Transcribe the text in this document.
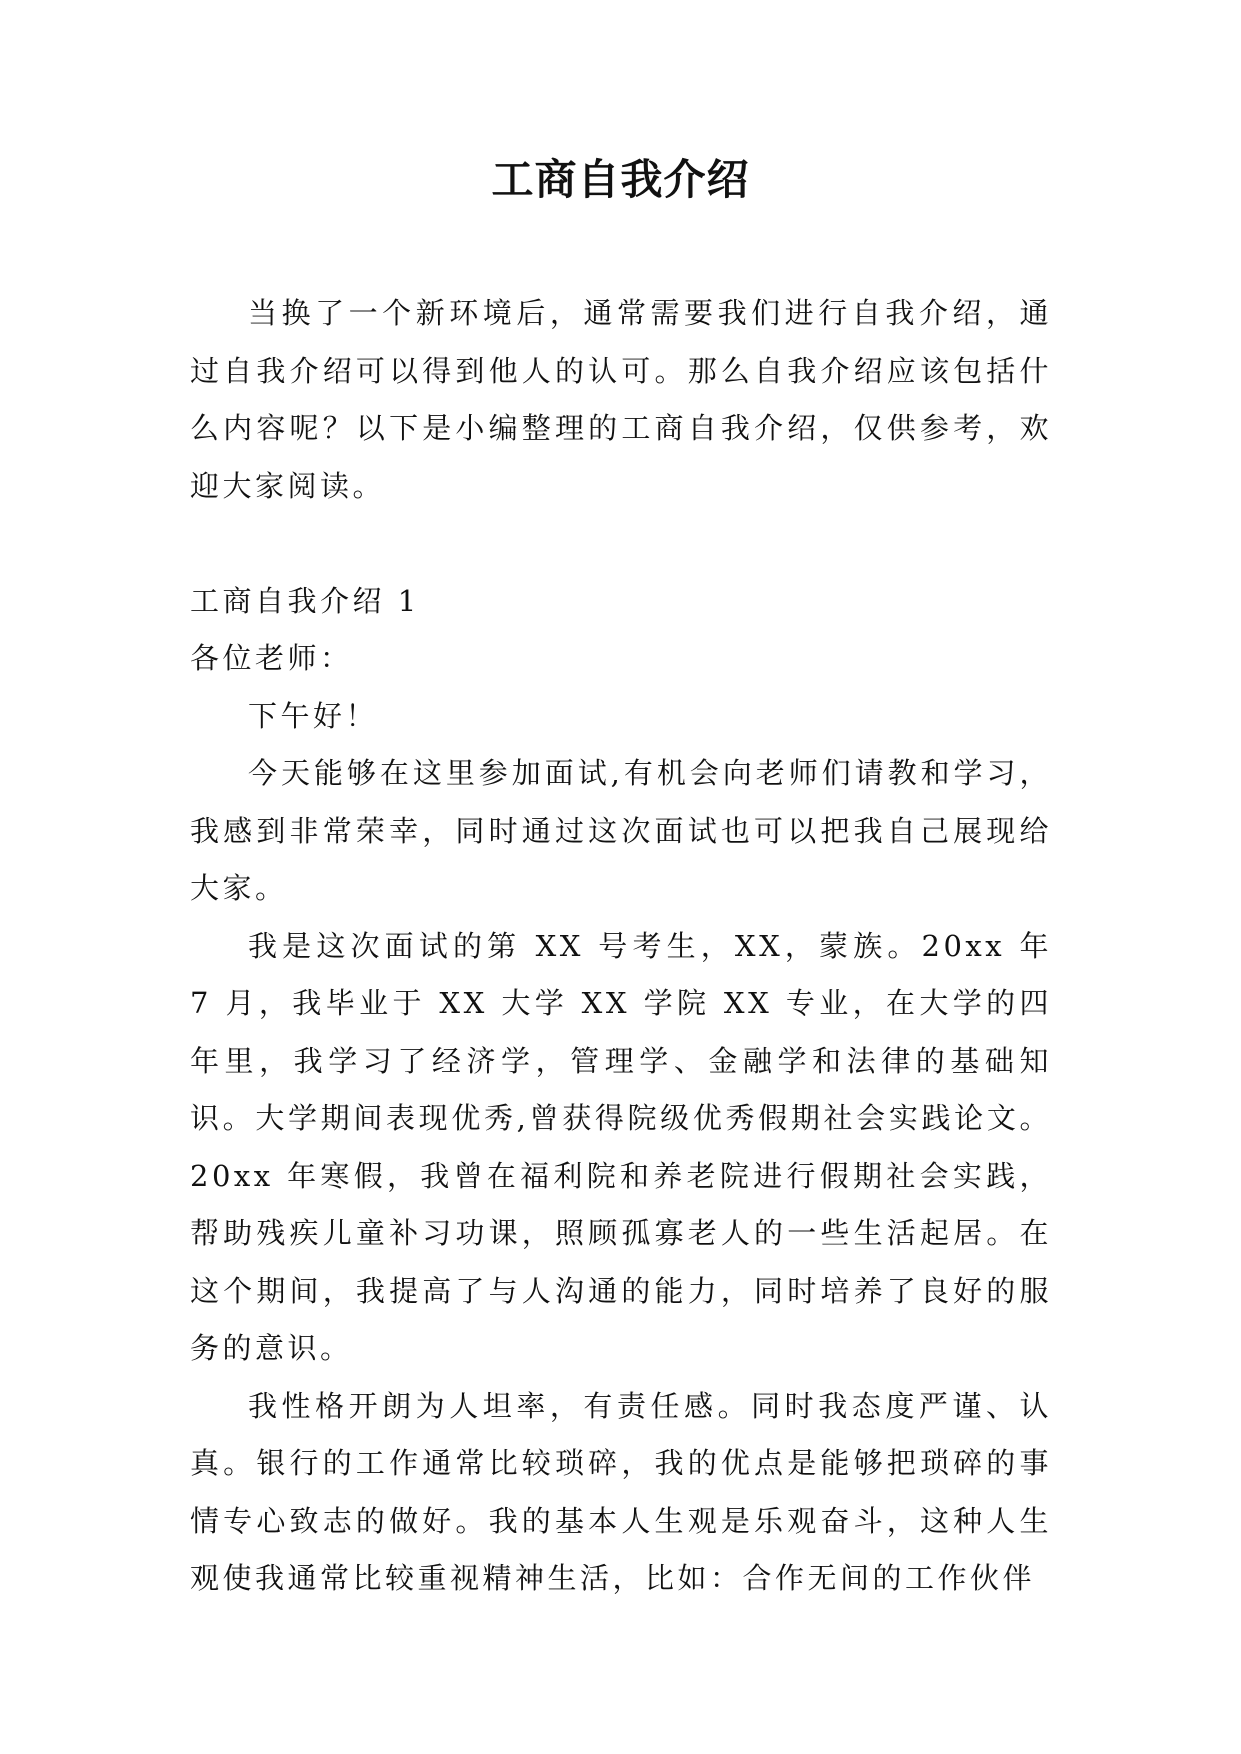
工商自我介绍

当换了一个新环境后，通常需要我们进行自我介绍，通过自我介绍可以得到他人的认可。那么自我介绍应该包括什么内容呢？以下是小编整理的工商自我介绍，仅供参考，欢迎大家阅读。

工商自我介绍 1

各位老师：

下午好！

今天能够在这里参加面试,有机会向老师们请教和学习，我感到非常荣幸，同时通过这次面试也可以把我自己展现给大家。

我是这次面试的第 XX 号考生，XX，蒙族。20xx 年 7 月，我毕业于 XX 大学 XX 学院 XX 专业，在大学的四年里，我学习了经济学，管理学、金融学和法律的基础知识。大学期间表现优秀,曾获得院级优秀假期社会实践论文。20xx 年寒假，我曾在福利院和养老院进行假期社会实践，帮助残疾儿童补习功课，照顾孤寡老人的一些生活起居。在这个期间，我提高了与人沟通的能力，同时培养了良好的服务的意识。

我性格开朗为人坦率，有责任感。同时我态度严谨、认真。银行的工作通常比较琐碎，我的优点是能够把琐碎的事情专心致志的做好。我的基本人生观是乐观奋斗，这种人生观使我通常比较重视精神生活，比如：合作无间的工作伙伴
